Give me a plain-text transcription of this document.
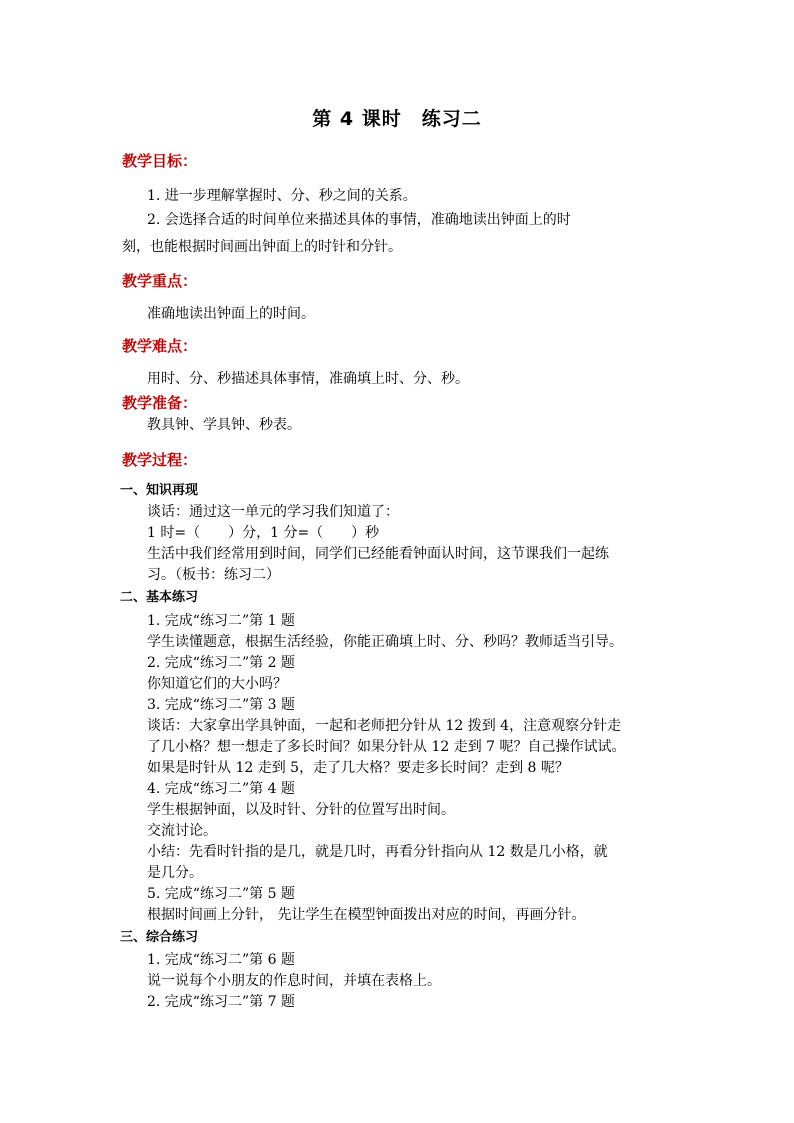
第 4 课时　练习二
教学目标：
1. 进一步理解掌握时、分、秒之间的关系。
2. 会选择合适的时间单位来描述具体的事情，准确地读出钟面上的时
刻，也能根据时间画出钟面上的时针和分针。
教学重点：
准确地读出钟面上的时间。
教学难点：
用时、分、秒描述具体事情，准确填上时、分、秒。
教学准备：
教具钟、学具钟、秒表。
教学过程：
一、知识再现
谈话：通过这一单元的学习我们知道了：
1 时=（　　）分，1 分=（　　）秒
生活中我们经常用到时间，同学们已经能看钟面认时间，这节课我们一起练
习。（板书：练习二）
二、基本练习
1. 完成“练习二”第 1 题
学生读懂题意，根据生活经验，你能正确填上时、分、秒吗？教师适当引导。
2. 完成“练习二”第 2 题
你知道它们的大小吗？
3. 完成“练习二”第 3 题
谈话：大家拿出学具钟面，一起和老师把分针从 12 拨到 4，注意观察分针走
了几小格？想一想走了多长时间？如果分针从 12 走到 7 呢？自己操作试试。
如果是时针从 12 走到 5，走了几大格？要走多长时间？走到 8 呢？
4. 完成“练习二”第 4 题
学生根据钟面，以及时针、分针的位置写出时间。
交流讨论。
小结：先看时针指的是几，就是几时，再看分针指向从 12 数是几小格，就
是几分。
5. 完成“练习二”第 5 题
根据时间画上分针， 先让学生在模型钟面拨出对应的时间，再画分针。
三、综合练习
1. 完成“练习二”第 6 题
说一说每个小朋友的作息时间，并填在表格上。
2. 完成“练习二”第 7 题
